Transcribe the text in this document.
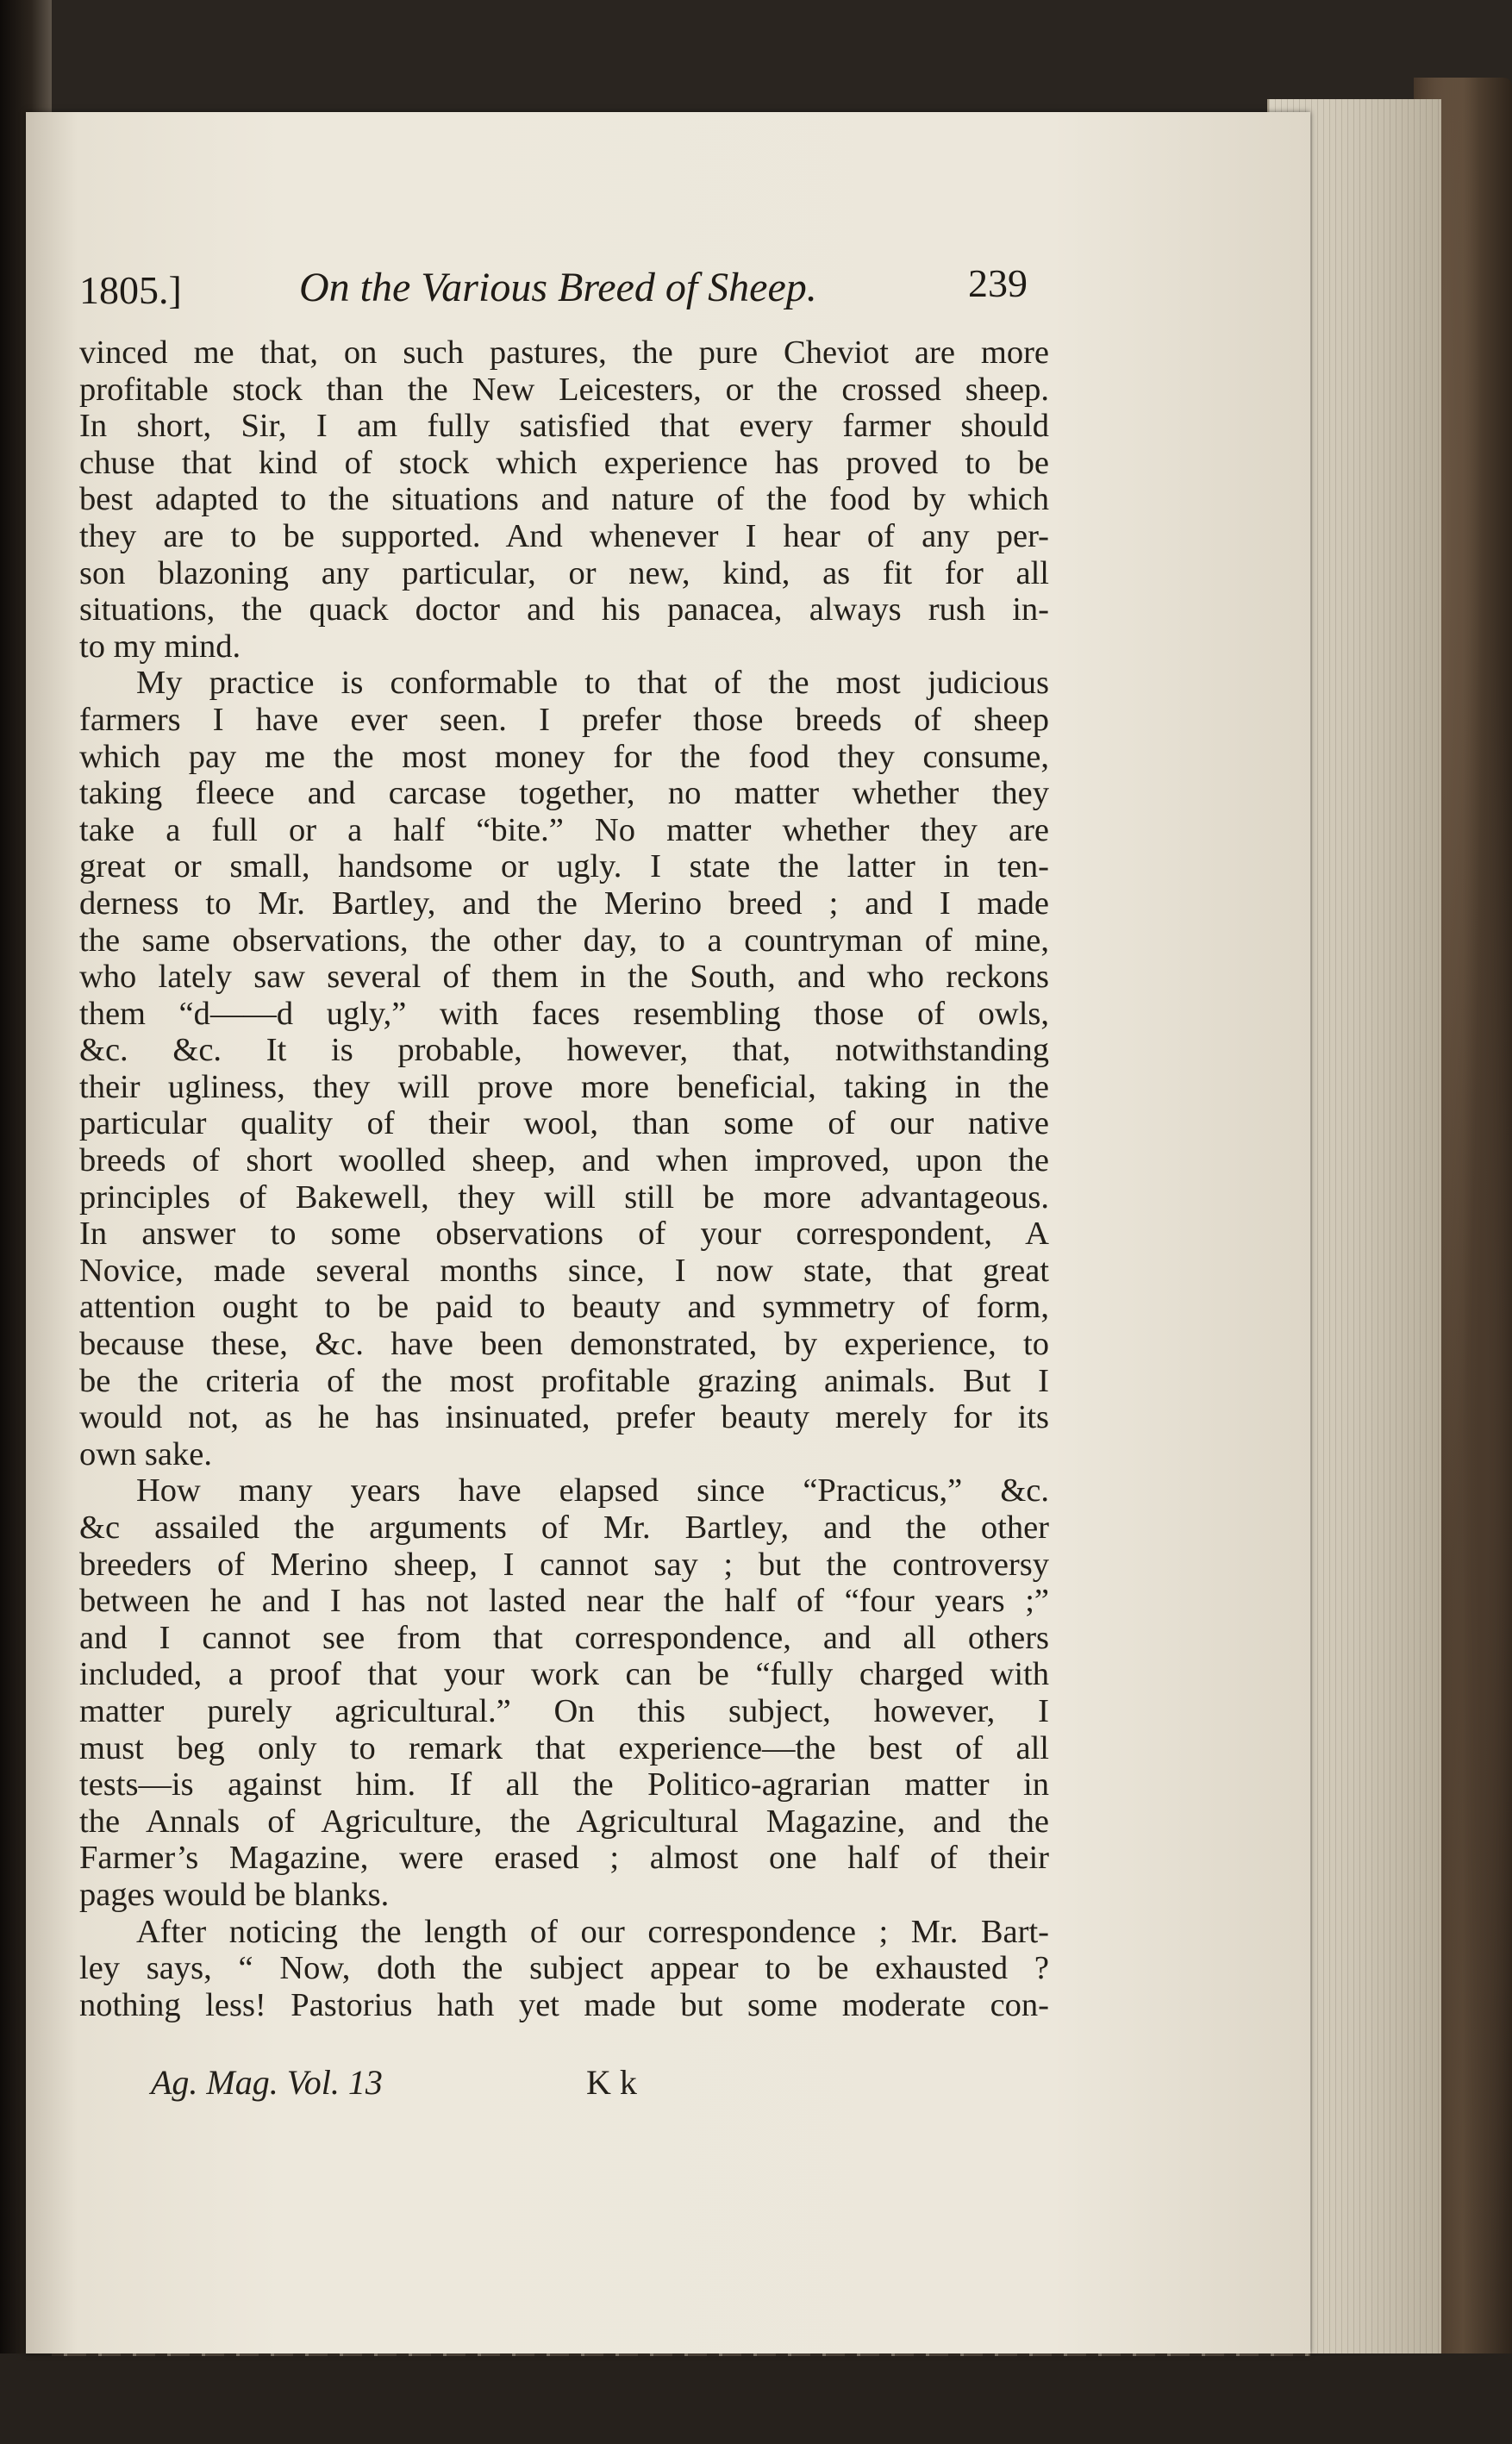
1805.]	On the Various Breed of Sheep.	239
vinced me that, on such pastures, the pure Cheviot are more
profitable stock than the New Leicesters, or the crossed sheep.
In short, Sir, I am fully satisfied that every farmer should
chuse that kind of stock which experience has proved to be
best adapted to the situations and nature of the food by which
they are to be supported. And whenever I hear of any per-
son blazoning any particular, or new, kind, as fit for all
situations, the quack doctor and his panacea, always rush in-
to my mind.
My practice is conformable to that of the most judicious
farmers I have ever seen. I prefer those breeds of sheep
which pay me the most money for the food they consume,
taking fleece and carcase together, no matter whether they
take a full or a half “bite.” No matter whether they are
great or small, handsome or ugly. I state the latter in ten-
derness to Mr. Bartley, and the Merino breed ; and I made
the same observations, the other day, to a countryman of mine,
who lately saw several of them in the South, and who reckons
them “d——d ugly,” with faces resembling those of owls,
&c. &c. It is probable, however, that, notwithstanding
their ugliness, they will prove more beneficial, taking in the
particular quality of their wool, than some of our native
breeds of short woolled sheep, and when improved, upon the
principles of Bakewell, they will still be more advantageous.
In answer to some observations of your correspondent, A
Novice, made several months since, I now state, that great
attention ought to be paid to beauty and symmetry of form,
because these, &c. have been demonstrated, by experience, to
be the criteria of the most profitable grazing animals. But I
would not, as he has insinuated, prefer beauty merely for its
own sake.
How many years have elapsed since “Practicus,” &c.
&c assailed the arguments of Mr. Bartley, and the other
breeders of Merino sheep, I cannot say ; but the controversy
between he and I has not lasted near the half of “four years ;”
and I cannot see from that correspondence, and all others
included, a proof that your work can be “fully charged with
matter purely agricultural.” On this subject, however, I
must beg only to remark that experience—the best of all
tests—is against him. If all the Politico-agrarian matter in
the Annals of Agriculture, the Agricultural Magazine, and the
Farmer’s Magazine, were erased ; almost one half of their
pages would be blanks.
After noticing the length of our correspondence ; Mr. Bart-
ley says, “ Now, doth the subject appear to be exhausted ?
nothing less! Pastorius hath yet made but some moderate con-
Ag. Mag. Vol. 13	K k
